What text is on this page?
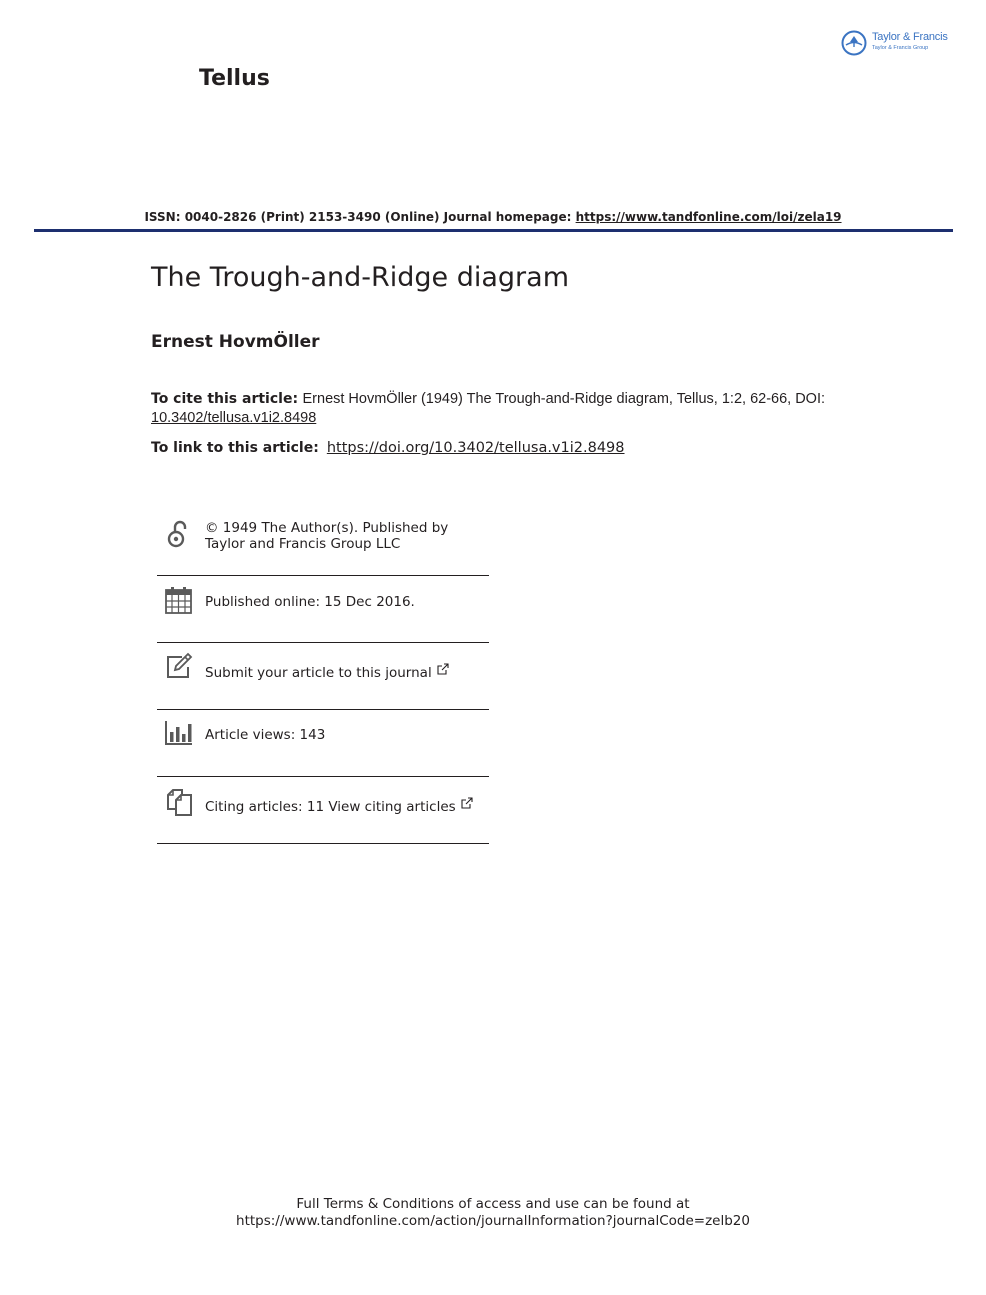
Taylor & Francis
Taylor & Francis Group
Tellus
ISSN: 0040-2826 (Print) 2153-3490 (Online) Journal homepage: https://www.tandfonline.com/loi/zela19
The Trough-and-Ridge diagram
Ernest HovmÖller
To cite this article: Ernest HovmÖller (1949) The Trough-and-Ridge diagram, Tellus, 1:2, 62-66, DOI: 10.3402/tellusa.v1i2.8498
To link to this article: https://doi.org/10.3402/tellusa.v1i2.8498
© 1949 The Author(s). Published by Taylor and Francis Group LLC
Published online: 15 Dec 2016.
Submit your article to this journal
Article views: 143
Citing articles: 11 View citing articles
Full Terms & Conditions of access and use can be found at
https://www.tandfonline.com/action/journalInformation?journalCode=zelb20
